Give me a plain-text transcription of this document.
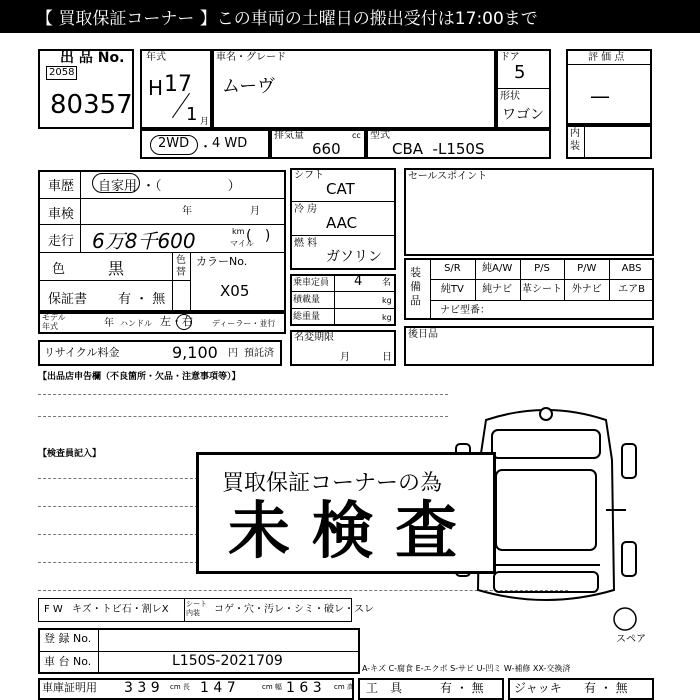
【 買取保証コーナー 】この車両の土曜日の搬出受付は17:00まで
出 品 No.
2058
80357
年式
H 17
1 月
車名・グレード
ムーヴ
ドア
5
形状
ワゴン
評 価 点
—
内装
2WD ・ 4 WD
排気量	cc
660
型式
CBA  -L150S
車歴 自家用 ・（                ）
車検	年	月
走行 6万8千600	km
マイル
(   )
色	黒	色替
カラーNo.
X05
保証書 有 ・ 無
モデル年式	年 ハンドル 左・右 ディーラー・並行
シフト
CAT
冷 房
AAC
燃 料
ガソリン
乗車定員 4 名
積載量	kg
総重量	kg
名変期限
月	日
セールスポイント
装備品
S/R	純A/W	P/S	P/W	ABS
純TV	純ナビ 革シート 外ナビ	エアB
ナビ型番：
後日品
リサイクル料金	9,100 円 預託済
【出品店申告欄（不良箇所・欠品・注意事項等）】
【検査員記入】
スペア
買取保証コーナーの為
未 検 査
F W キズ・トビ石・割レX シート内装	コゲ・穴・汚レ・シミ・破レ・スレ
登 録 No.
車 台 No.	L150S-2021709	A-キズ C-腐食 E-エクボ S-サビ U-凹ミ W-補修 XX-交換済
車庫証明用 3 3 9 cm 長 1 4 7	cm 幅 1 6 3 cm 高 工　具	有 ・ 無	ジャッキ 有 ・ 無
